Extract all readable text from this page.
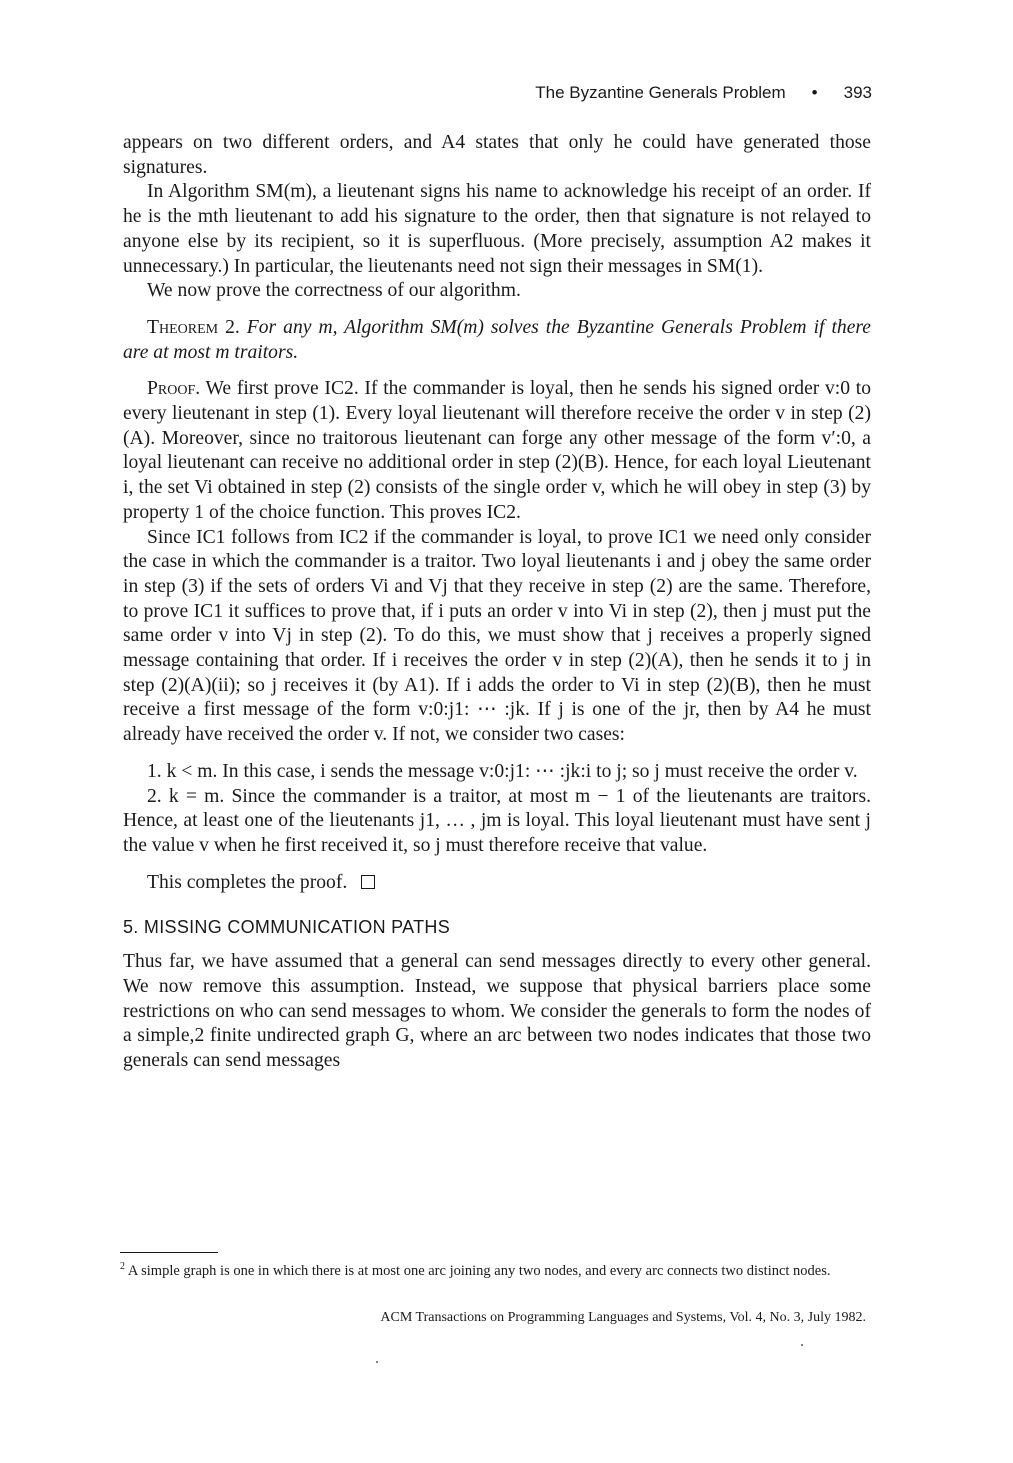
The Byzantine Generals Problem • 393

appears on two different orders, and A4 states that only he could have generated those signatures.

In Algorithm SM(m), a lieutenant signs his name to acknowledge his receipt of an order. If he is the mth lieutenant to add his signature to the order, then that signature is not relayed to anyone else by its recipient, so it is superfluous. (More precisely, assumption A2 makes it unnecessary.) In particular, the lieutenants need not sign their messages in SM(1).

We now prove the correctness of our algorithm.

Theorem 2. For any m, Algorithm SM(m) solves the Byzantine Generals Problem if there are at most m traitors.

Proof. We first prove IC2. If the commander is loyal, then he sends his signed order v:0 to every lieutenant in step (1). Every loyal lieutenant will therefore receive the order v in step (2)(A). Moreover, since no traitorous lieutenant can forge any other message of the form v′:0, a loyal lieutenant can receive no additional order in step (2)(B). Hence, for each loyal Lieutenant i, the set Vi obtained in step (2) consists of the single order v, which he will obey in step (3) by property 1 of the choice function. This proves IC2.

Since IC1 follows from IC2 if the commander is loyal, to prove IC1 we need only consider the case in which the commander is a traitor. Two loyal lieutenants i and j obey the same order in step (3) if the sets of orders Vi and Vj that they receive in step (2) are the same. Therefore, to prove IC1 it suffices to prove that, if i puts an order v into Vi in step (2), then j must put the same order v into Vj in step (2). To do this, we must show that j receives a properly signed message containing that order. If i receives the order v in step (2)(A), then he sends it to j in step (2)(A)(ii); so j receives it (by A1). If i adds the order to Vi in step (2)(B), then he must receive a first message of the form v:0:j1: ⋯ :jk. If j is one of the jr, then by A4 he must already have received the order v. If not, we consider two cases:

1. k < m. In this case, i sends the message v:0:j1: ⋯ :jk:i to j; so j must receive the order v.

2. k = m. Since the commander is a traitor, at most m − 1 of the lieutenants are traitors. Hence, at least one of the lieutenants j1, … , jm is loyal. This loyal lieutenant must have sent j the value v when he first received it, so j must therefore receive that value.

This completes the proof.

5. MISSING COMMUNICATION PATHS

Thus far, we have assumed that a general can send messages directly to every other general. We now remove this assumption. Instead, we suppose that physical barriers place some restrictions on who can send messages to whom. We consider the generals to form the nodes of a simple,2 finite undirected graph G, where an arc between two nodes indicates that those two generals can send messages

$^2$ A simple graph is one in which there is at most one arc joining any two nodes, and every arc connects two distinct nodes.
ACM Transactions on Programming Languages and Systems, Vol. 4, No. 3, July 1982.
